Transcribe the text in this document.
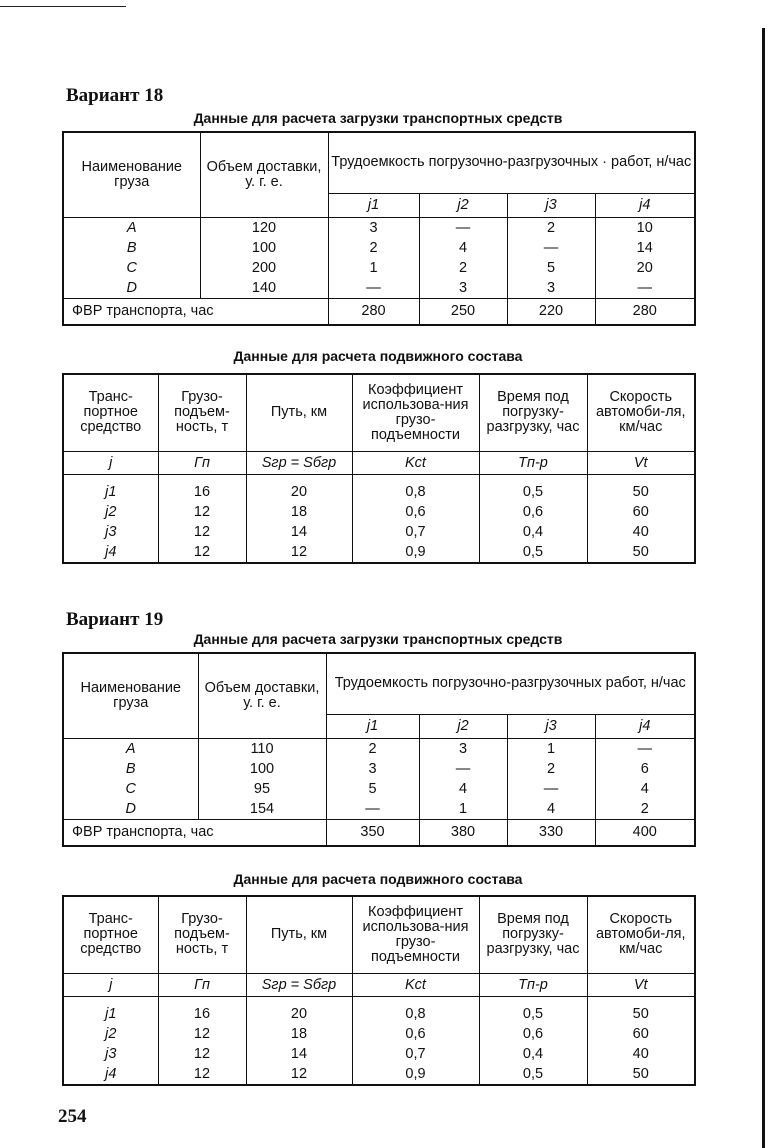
Вариант 18
Данные для расчета загрузки транспортных средств
Наименование груза	Объем доставки, у. г. е.	Трудоемкость погрузочно-разгрузочных · работ, н/час			
		j1	j2	j3	j4
A	120	3	—	2	10
B	100	2	4	—	14
C	200	1	2	5	20
D	140	—	3	3	—
ФВР транспорта, час		280	250	220	280
Данные для расчета подвижного состава
Транс-портное средство	Грузо-подъем-ность, т	Путь, км	Коэффициент использова-ния грузо-подъемности	Время под погрузку-разгрузку, час	Скорость автомоби-ля, км/час
j	Гп	Sгр = Sбгр	Kct	Tп-р	Vt

j1	16	20	0,8	0,5	50
j2	12	18	0,6	0,6	60
j3	12	14	0,7	0,4	40
j4	12	12	0,9	0,5	50
Вариант 19
Данные для расчета загрузки транспортных средств
Наименование груза	Объем доставки, у. г. е.	Трудоемкость погрузочно-разгрузочных работ, н/час			
		j1	j2	j3	j4
A	110	2	3	1	—
B	100	3	—	2	6
C	95	5	4	—	4
D	154	—	1	4	2
ФВР транспорта, час		350	380	330	400
Данные для расчета подвижного состава
Транс-портное средство	Грузо-подъем-ность, т	Путь, км	Коэффициент использова-ния грузо-подъемности	Время под погрузку-разгрузку, час	Скорость автомоби-ля, км/час
j	Гп	Sгр = Sбгр	Kct	Tп-р	Vt

j1	16	20	0,8	0,5	50
j2	12	18	0,6	0,6	60
j3	12	14	0,7	0,4	40
j4	12	12	0,9	0,5	50
254
